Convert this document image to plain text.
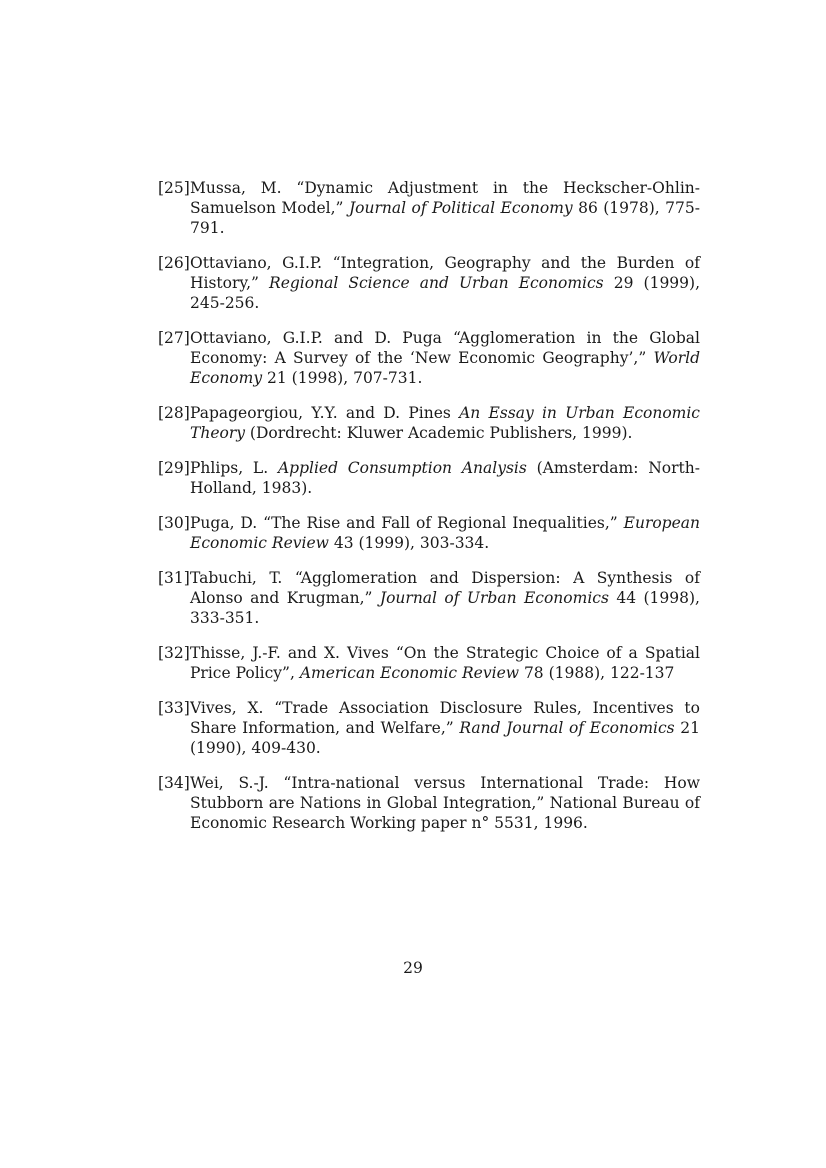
[25] Mussa, M. “Dynamic Adjustment in the Heckscher-Ohlin-Samuelson Model,” Journal of Political Economy 86 (1978), 775-791.
[26] Ottaviano, G.I.P. “Integration, Geography and the Burden of History,” Regional Science and Urban Economics 29 (1999), 245-256.
[27] Ottaviano, G.I.P. and D. Puga “Agglomeration in the Global Economy: A Survey of the ‘New Economic Geography’,” World Economy 21 (1998), 707-731.
[28] Papageorgiou, Y.Y. and D. Pines An Essay in Urban Economic Theory (Dordrecht: Kluwer Academic Publishers, 1999).
[29] Phlips, L. Applied Consumption Analysis (Amsterdam: North-Holland, 1983).
[30] Puga, D. “The Rise and Fall of Regional Inequalities,” European Economic Review 43 (1999), 303-334.
[31] Tabuchi, T. “Agglomeration and Dispersion: A Synthesis of Alonso and Krugman,” Journal of Urban Economics 44 (1998), 333-351.
[32] Thisse, J.-F. and X. Vives “On the Strategic Choice of a Spatial Price Policy”, American Economic Review 78 (1988), 122-137
[33] Vives, X. “Trade Association Disclosure Rules, Incentives to Share Information, and Welfare,” Rand Journal of Economics 21 (1990), 409-430.
[34] Wei, S.-J. “Intra-national versus International Trade: How Stubborn are Nations in Global Integration,” National Bureau of Economic Research Working paper n° 5531, 1996.
29
